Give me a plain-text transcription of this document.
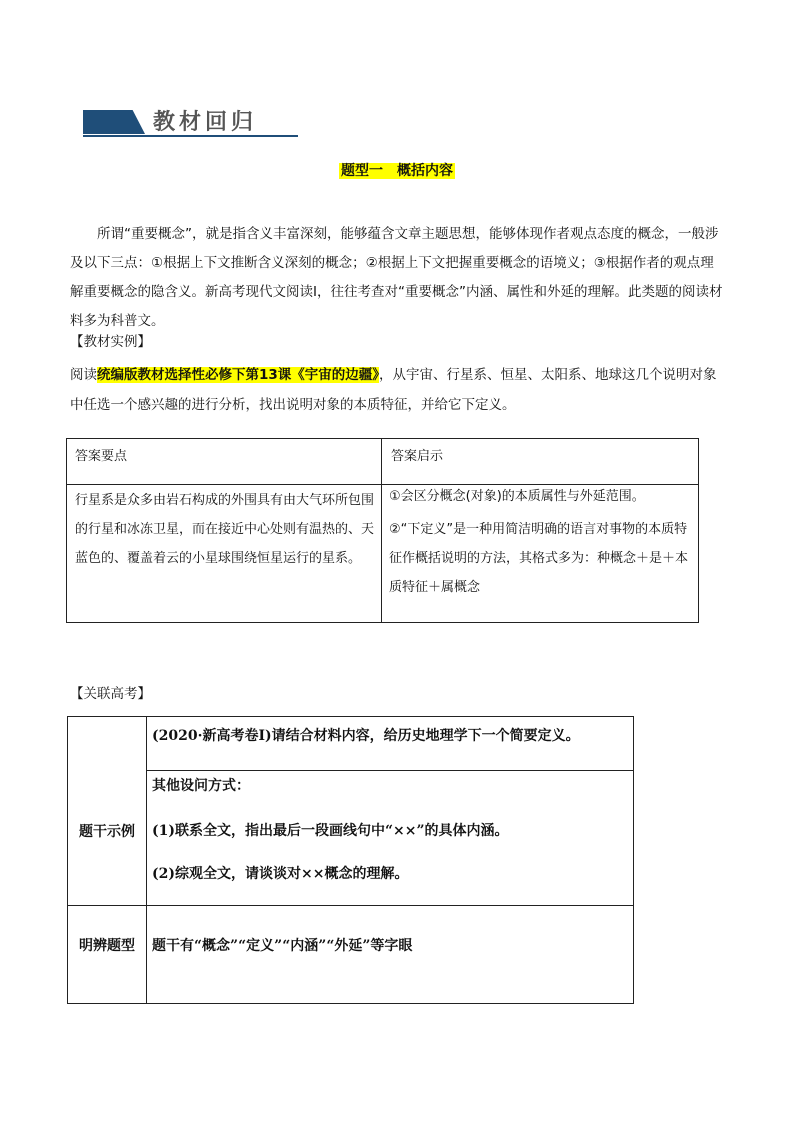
教材回归
题型一　概括内容

所谓“重要概念”，就是指含义丰富深刻，能够蕴含文章主题思想，能够体现作者观点态度的概念，一般涉及以下三点：①根据上下文推断含义深刻的概念；②根据上下文把握重要概念的语境义；③根据作者的观点理解重要概念的隐含义。新高考现代文阅读Ⅰ，往往考查对“重要概念”内涵、属性和外延的理解。此类题的阅读材料多为科普文。

【教材实例】

阅读统编版教材选择性必修下第13课《宇宙的边疆》，从宇宙、行星系、恒星、太阳系、地球这几个说明对象中任选一个感兴趣的进行分析，找出说明对象的本质特征，并给它下定义。

答案要点	答案启示
行星系是众多由岩石构成的外围具有由大气环所包围的行星和冰冻卫星，而在接近中心处则有温热的、天蓝色的、覆盖着云的小星球围绕恒星运行的星系。
①会区分概念(对象)的本质属性与外延范围。
②“下定义”是一种用简洁明确的语言对事物的本质特征作概括说明的方法，其格式多为：种概念＋是＋本质特征＋属概念
【关联高考】
题干示例
(2020·新高考卷Ⅰ)请结合材料内容，给历史地理学下一个简要定义。
其他设问方式：
(1)联系全文，指出最后一段画线句中“××”的具体内涵。
(2)综观全文，请谈谈对××概念的理解。
明辨题型	题干有“概念”“定义”“内涵”“外延”等字眼
